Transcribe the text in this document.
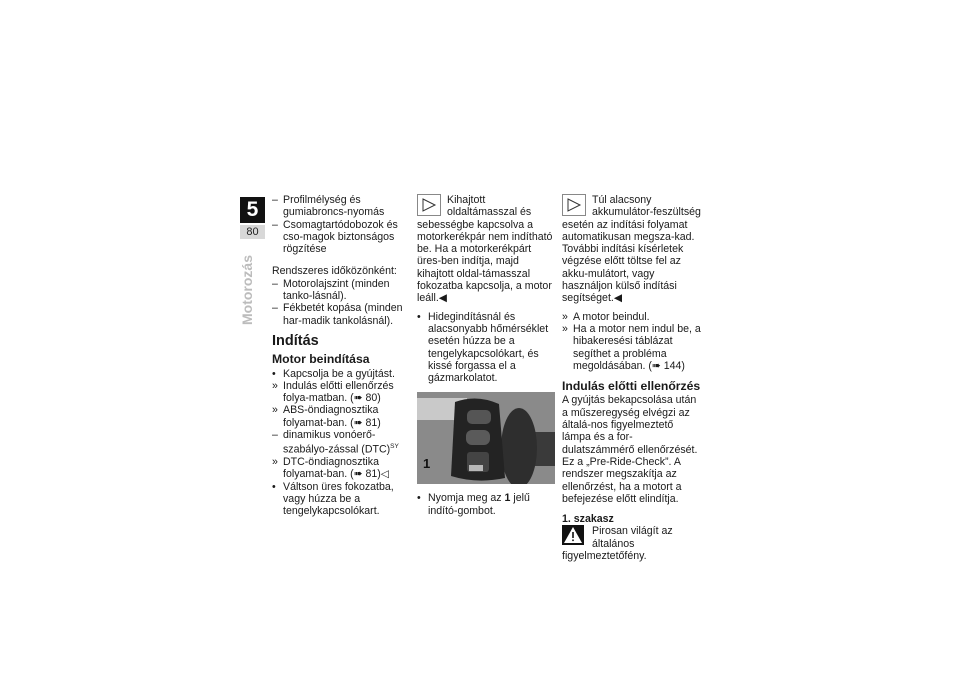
5
80
Motorozás

– Profilmélység és gumiabroncs-nyomás

– Csomagtartódobozok és cso-magok biztonságos rögzítése

Rendszeres időközönként:

– Motorolajszint (minden tanko-lásnál).

– Fékbetét kopása (minden har-madik tankolásnál).

Indítás
Motor beindítása

• Kapcsolja be a gyújtást.

» Indulás előtti ellenőrzés folya-matban. (➠ 80)

» ABS-öndiagnosztika folyamat-ban. (➠ 81)

– dinamikus vonóerő-szabályo-zással (DTC)$^{SY}$

» DTC-öndiagnosztika folyamat-ban. (➠ 81)◁

• Váltson üres fokozatba, vagy húzza be a tengelykapcsolókart.

Kihajtott oldaltámasszal és sebességbe kapcsolva a motorkerékpár nem indítható be. Ha a motorkerékpárt üres-ben indítja, majd kihajtott oldal-támasszal fokozatba kapcsolja, a motor leáll.◀

• Hidegindításnál és alacsonyabb hőmérséklet esetén húzza be a tengelykapcsolókart, és kissé forgassa el a gázmarkolatot.

1

• Nyomja meg az 1 jelű indító-gombot.

Túl alacsony akkumulátor-feszültség esetén az indítási folyamat automatikusan megsza-kad. További indítási kísérletek végzése előtt töltse fel az akku-mulátort, vagy használjon külső indítási segítséget.◀

» A motor beindul.

» Ha a motor nem indul be, a hibakeresési táblázat segíthet a probléma megoldásában. (➠ 144)

Indulás előtti ellenőrzés

A gyújtás bekapcsolása után a műszeregység elvégzi az általá-nos figyelmeztető lámpa és a for-dulatszámmérő ellenőrzését. Ez a „Pre-Ride-Check”. A rendszer megszakítja az ellenőrzést, ha a motort a befejezése előtt elindítja.

1. szakasz
Pirosan világít az általános figyelmeztetőfény.
